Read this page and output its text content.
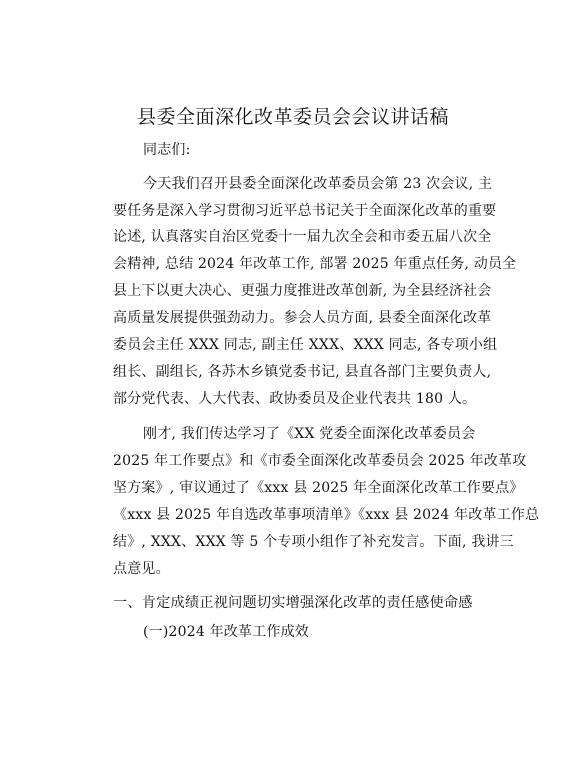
县委全面深化改革委员会会议讲话稿
同志们:
今天我们召开县委全面深化改革委员会第 23 次会议, 主
要任务是深入学习贯彻习近平总书记关于全面深化改革的重要
论述, 认真落实自治区党委十一届九次全会和市委五届八次全
会精神, 总结 2024 年改革工作, 部署 2025 年重点任务, 动员全
县上下以更大决心、更强力度推进改革创新, 为全县经济社会
高质量发展提供强劲动力。参会人员方面, 县委全面深化改革
委员会主任 XXX 同志, 副主任 XXX、XXX 同志, 各专项小组
组长、副组长, 各苏木乡镇党委书记, 县直各部门主要负责人,
部分党代表、人大代表、政协委员及企业代表共 180 人。
刚才, 我们传达学习了《XX 党委全面深化改革委员会
2025 年工作要点》和《市委全面深化改革委员会 2025 年改革攻
坚方案》, 审议通过了《xxx 县 2025 年全面深化改革工作要点》
《xxx 县 2025 年自选改革事项清单》《xxx 县 2024 年改革工作总
结》, XXX、XXX 等 5 个专项小组作了补充发言。下面, 我讲三
点意见。
一、肯定成绩正视问题切实增强深化改革的责任感使命感
(一)2024 年改革工作成效
